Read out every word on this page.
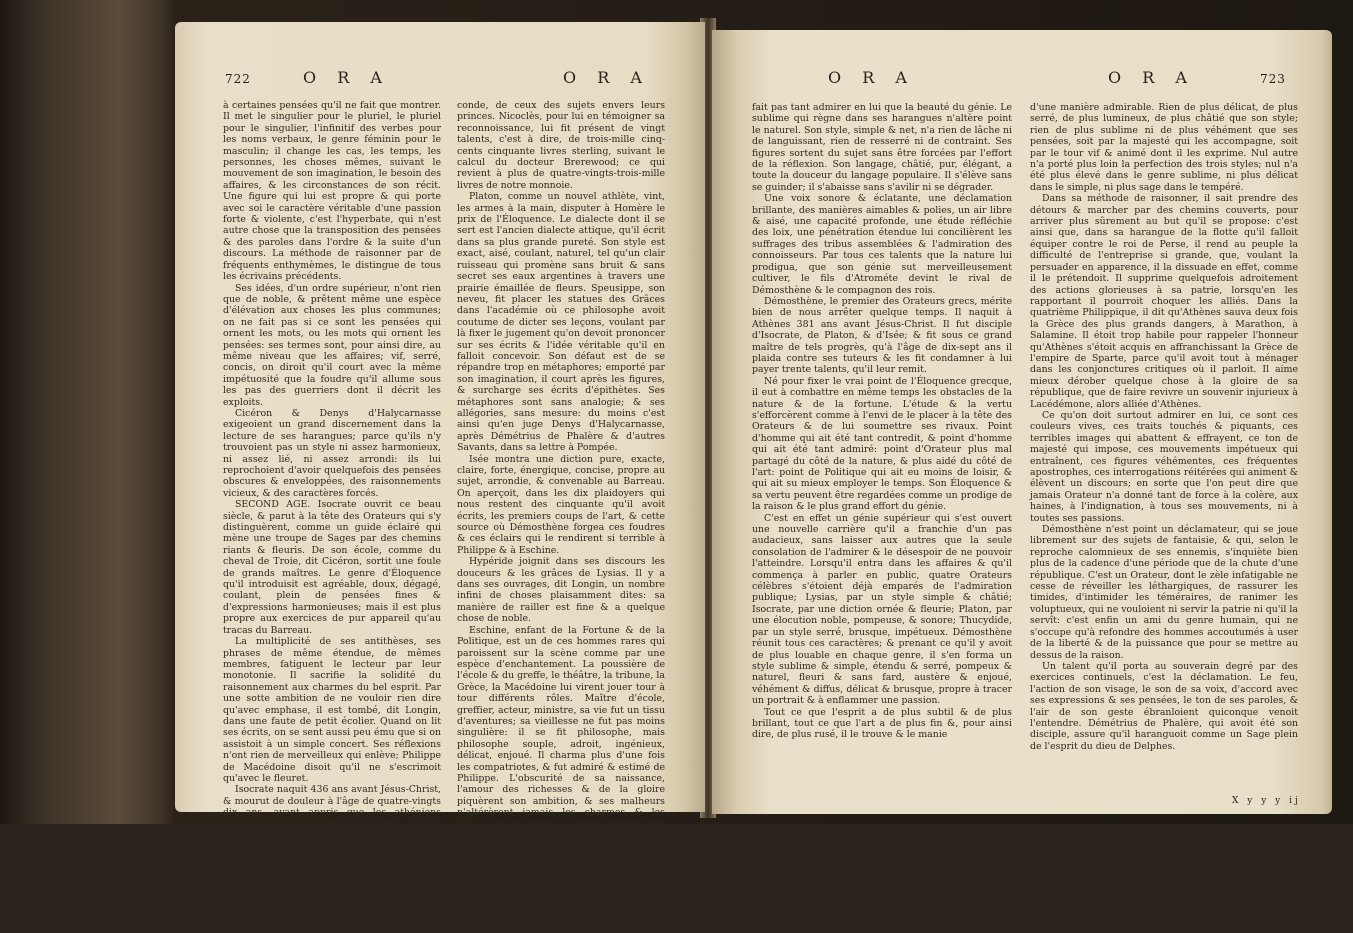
722	O R A	O R A

à certaines pensées qu'il ne fait que montrer. Il met le singulier pour le pluriel, le pluriel pour le singulier, l'infinitif des verbes pour les noms verbaux, le genre féminin pour le masculin; il change les cas, les temps, les personnes, les choses mêmes, suivant le mouvement de son imagination, le besoin des affaires, & les circonstances de son récit. Une figure qui lui est propre & qui porte avec soi le caractère véritable d'une passion forte & violente, c'est l'hyperbate, qui n'est autre chose que la transposition des pensées & des paroles dans l'ordre & la suite d'un discours. La méthode de raisonner par de fréquents enthymèmes, le distingue de tous les écrivains précédents.

Ses idées, d'un ordre supérieur, n'ont rien que de noble, & prêtent même une espèce d'élévation aux choses les plus communes; on ne fait pas si ce sont les pensées qui ornent les mots, ou les mots qui ornent les pensées: ses termes sont, pour ainsi dire, au même niveau que les affaires; vif, serré, concis, on diroit qu'il court avec la même impétuosité que la foudre qu'il allume sous les pas des guerriers dont il décrit les exploits.

Cicéron & Denys d'Halycarnasse exigeoient un grand discernement dans la lecture de ses harangues; parce qu'ils n'y trouvoient pas un style ni assez harmonieux, ni assez lié, ni assez arrondi: ils lui reprochoient d'avoir quelquefois des pensées obscures & enveloppées, des raisonnements vicieux, & des caractères forcés.

SECOND AGE. Isocrate ouvrit ce beau siècle, & parut à la tête des Orateurs qui s'y distinguèrent, comme un guide éclairé qui mène une troupe de Sages par des chemins riants & fleuris. De son école, comme du cheval de Troie, dit Cicéron, sortit une foule de grands maîtres. Le genre d'Éloquence qu'il introduisit est agréable, doux, dégagé, coulant, plein de pensées fines & d'expressions harmonieuses; mais il est plus propre aux exercices de pur appareil qu'au tracas du Barreau.

La multiplicité de ses antithèses, ses phrases de même étendue, de mêmes membres, fatiguent le lecteur par leur monotonie. Il sacrifie la solidité du raisonnement aux charmes du bel esprit. Par une sotte ambition de ne vouloir rien dire qu'avec emphase, il est tombé, dit Longin, dans une faute de petit écolier. Quand on lit ses écrits, on se sent aussi peu ému que si on assistoit à un simple concert. Ses réflexions n'ont rien de merveilleux qui enlève; Philippe de Macédoine disoit qu'il ne s'escrimoit qu'avec le fleuret.

Isocrate naquit 436 ans avant Jésus-Christ, & mourut de douleur à l'âge de quatre-vingts dix ans, ayant appris que les athéniens avoient perdu la bataille de Chéronée. Il nous reste de lui vingt & une harangues que Wolfius a traduites du grec en latin. Il y a deux de ces oraisons pour Nicoclès roi de Chypre, qui sont parvenues jusqu'à nous: la première traite des devoirs des princes envers leurs sujets; & la se-

conde, de ceux des sujets envers leurs princes. Nicoclès, pour lui en témoigner sa reconnoissance, lui fit présent de vingt talents, c'est à dire, de trois-mille cinq-cents cinquante livres sterling, suivant le calcul du docteur Brerewood; ce qui revient à plus de quatre-vingts-trois-mille livres de notre monnoie.

Platon, comme un nouvel athlète, vint, les armes à la main, disputer à Homère le prix de l'Éloquence. Le dialecte dont il se sert est l'ancien dialecte attique, qu'il écrit dans sa plus grande pureté. Son style est exact, aisé, coulant, naturel, tel qu'un clair ruisseau qui promène sans bruit & sans secret ses eaux argentines à travers une prairie émaillée de fleurs. Speusippe, son neveu, fit placer les statues des Grâces dans l'académie où ce philosophe avoit coutume de dicter ses leçons, voulant par là fixer le jugement qu'on devoit prononcer sur ses écrits & l'idée véritable qu'il en falloit concevoir. Son défaut est de se répandre trop en métaphores; emporté par son imagination, il court après les figures, & surcharge ses écrits d'épithètes. Ses métaphores sont sans analogie; & ses allégories, sans mesure: du moins c'est ainsi qu'en juge Denys d'Halycarnasse, après Démétrius de Phalère & d'autres Savants, dans sa lettre à Pompée.

Isée montra une diction pure, exacte, claire, forte, énergique, concise, propre au sujet, arrondie, & convenable au Barreau. On aperçoit, dans les dix plaidoyers qui nous restent des cinquante qu'il avoit écrits, les premiers coups de l'art, & cette source où Démosthène forgea ces foudres & ces éclairs qui le rendirent si terrible à Philippe & à Eschine.

Hypéride joignit dans ses discours les douceurs & les grâces de Lysias. Il y a dans ses ouvrages, dit Longin, un nombre infini de choses plaisamment dites: sa manière de railler est fine & a quelque chose de noble.

Eschine, enfant de la Fortune & de la Politique, est un de ces hommes rares qui paroissent sur la scène comme par une espèce d'enchantement. La poussière de l'école & du greffe, le théâtre, la tribune, la Grèce, la Macédoine lui virent jouer tour à tour différents rôles. Maître d'école, greffier, acteur, ministre, sa vie fut un tissu d'aventures; sa vieillesse ne fut pas moins singulière: il se fit philosophe, mais philosophe souple, adroit, ingénieux, délicat, enjoué. Il charma plus d'une fois les compatriotes, & fut admiré & estimé de Philippe. L'obscurité de sa naissance, l'amour des richesses & de la gloire piquèrent son ambition, & ses malheurs n'altérèrent jamais les charmes & les grâces de son esprit; il l'avoit extrêmement beau.

Une heureuse facilité, que la nature seule peut donner, règne partout dans ses écrits; l'art & le travail ne s'y font point sentir. Il est brillant & solide; sa diction, ornée des plus nobles & des plus magnifiques figures, est assaisonnée des traits les plus vifs & les plus piquants. La finesse de l'art ne se

O R A	O R A	723

fait pas tant admirer en lui que la beauté du génie. Le sublime qui règne dans ses harangues n'altère point le naturel. Son style, simple & net, n'a rien de lâche ni de languissant, rien de resserré ni de contraint. Ses figures sortent du sujet sans être forcées par l'effort de la réflexion. Son langage, châtié, pur, élégant, a toute la douceur du langage populaire. Il s'élève sans se guinder; il s'abaisse sans s'avilir ni se dégrader.

Une voix sonore & éclatante, une déclamation brillante, des manières aimables & polies, un air libre & aisé, une capacité profonde, une étude réfléchie des loix, une pénétration étendue lui concilièrent les suffrages des tribus assemblées & l'admiration des connoisseurs. Par tous ces talents que la nature lui prodigua, que son génie sut merveilleusement cultiver, le fils d'Atrométe devint le rival de Démosthène & le compagnon des rois.

Démosthène, le premier des Orateurs grecs, mérite bien de nous arrêter quelque temps. Il naquit à Athènes 381 ans avant Jésus-Christ. Il fut disciple d'Isocrate, de Platon, & d'Isée; & fit sous ce grand maître de tels progrès, qu'à l'âge de dix-sept ans il plaida contre ses tuteurs & les fit condamner à lui payer trente talents, qu'il leur remit.

Né pour fixer le vrai point de l'Éloquence grecque, il eut à combattre en même temps les obstacles de la nature & de la fortune. L'étude & la vertu s'efforcèrent comme à l'envi de le placer à la tête des Orateurs & de lui soumettre ses rivaux. Point d'homme qui ait été tant contredit, & point d'homme qui ait été tant admiré: point d'Orateur plus mal partagé du côté de la nature, & plus aidé du côté de l'art: point de Politique qui ait eu moins de loisir, & qui ait su mieux employer le temps. Son Éloquence & sa vertu peuvent être regardées comme un prodige de la raison & le plus grand effort du génie.

C'est en effet un génie supérieur qui s'est ouvert une nouvelle carrière qu'il a franchie d'un pas audacieux, sans laisser aux autres que la seule consolation de l'admirer & le désespoir de ne pouvoir l'atteindre. Lorsqu'il entra dans les affaires & qu'il commença à parler en public, quatre Orateurs célèbres s'étoient déjà emparés de l'admiration publique; Lysias, par un style simple & châtié; Isocrate, par une diction ornée & fleurie; Platon, par une élocution noble, pompeuse, & sonore; Thucydide, par un style serré, brusque, impétueux. Démosthène réunit tous ces caractères; & prenant ce qu'il y avoit de plus louable en chaque genre, il s'en forma un style sublime & simple, étendu & serré, pompeux & naturel, fleuri & sans fard, austère & enjoué, véhément & diffus, délicat & brusque, propre à tracer un portrait & à enflammer une passion.

Tout ce que l'esprit a de plus subtil & de plus brillant, tout ce que l'art a de plus fin &, pour ainsi dire, de plus rusé, il le trouve & le manie

d'une manière admirable. Rien de plus délicat, de plus serré, de plus lumineux, de plus châtié que son style; rien de plus sublime ni de plus véhément que ses pensées, soit par la majesté qui les accompagne, soit par le tour vif & animé dont il les exprime. Nul autre n'a porté plus loin la perfection des trois styles; nul n'a été plus élevé dans le genre sublime, ni plus délicat dans le simple, ni plus sage dans le tempéré.

Dans sa méthode de raisonner, il sait prendre des détours & marcher par des chemins couverts, pour arriver plus sûrement au but qu'il se propose: c'est ainsi que, dans sa harangue de la flotte qu'il falloit équiper contre le roi de Perse, il rend au peuple la difficulté de l'entreprise si grande, que, voulant la persuader en apparence, il la dissuade en effet, comme il le prétendoit. Il supprime quelquefois adroitement des actions glorieuses à sa patrie, lorsqu'en les rapportant il pourroit choquer les alliés. Dans la quatrième Philippique, il dit qu'Athènes sauva deux fois la Grèce des plus grands dangers, à Marathon, à Salamine. Il étoit trop habile pour rappeler l'honneur qu'Athènes s'étoit acquis en affranchissant la Grèce de l'empire de Sparte, parce qu'il avoit tout à ménager dans les conjonctures critiques où il parloit. Il aime mieux dérober quelque chose à la gloire de sa république, que de faire revivre un souvenir injurieux à Lacédémone, alors alliée d'Athènes.

Ce qu'on doit surtout admirer en lui, ce sont ces couleurs vives, ces traits touchés & piquants, ces terribles images qui abattent & effrayent, ce ton de majesté qui impose, ces mouvements impétueux qui entraînent, ces figures véhémentes, ces fréquentes apostrophes, ces interrogations réitérées qui animent & élèvent un discours; en sorte que l'on peut dire que jamais Orateur n'a donné tant de force à la colère, aux haines, à l'indignation, à tous ses mouvements, ni à toutes ses passions.

Démosthène n'est point un déclamateur, qui se joue librement sur des sujets de fantaisie, & qui, selon le reproche calomnieux de ses ennemis, s'inquiète bien plus de la cadence d'une période que de la chute d'une république. C'est un Orateur, dont le zèle infatigable ne cesse de réveiller les léthargiques, de rassurer les timides, d'intimider les téméraires, de ranimer les voluptueux, qui ne vouloient ni servir la patrie ni qu'il la servît: c'est enfin un ami du genre humain, qui ne s'occupe qu'à refondre des hommes accoutumés à user de la liberté & de la puissance que pour se mettre au dessus de la raison.

Un talent qu'il porta au souverain degré par des exercices continuels, c'est la déclamation. Le feu, l'action de son visage, le son de sa voix, d'accord avec ses expressions & ses pensées, le ton de ses paroles, & l'air de son geste ébranloient quiconque venoit l'entendre. Démétrius de Phalère, qui avoit été son disciple, assure qu'il haranguoit comme un Sage plein de l'esprit du dieu de Delphes.

X y y y ij
